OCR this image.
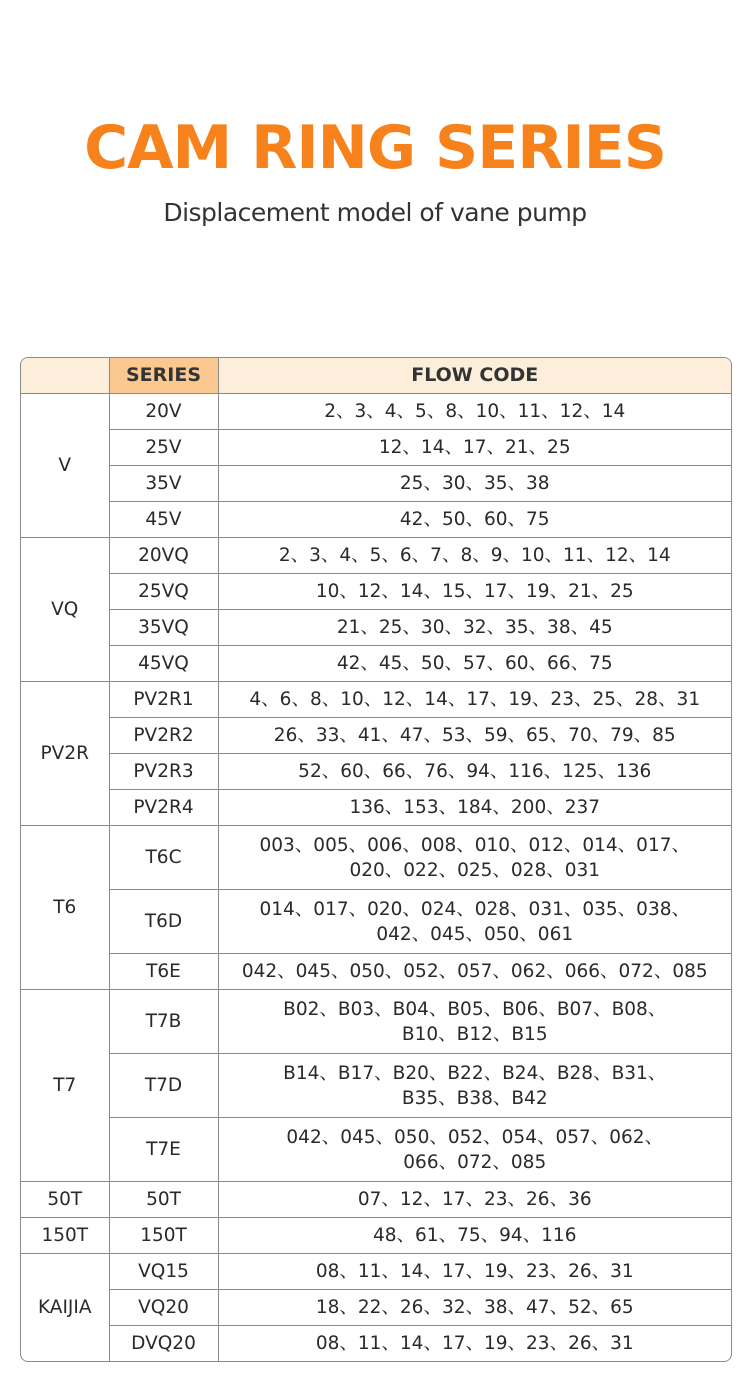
CAM RING SERIES
Displacement model of vane pump
	SERIES	FLOW CODE
V	20V	2、3、4、5、8、10、11、12、14

	25V	12、14、17、21、25

	35V	25、30、35、38

	45V	42、50、60、75

VQ	20VQ	2、3、4、5、6、7、8、9、10、11、12、14

	25VQ	10、12、14、15、17、19、21、25

	35VQ	21、25、30、32、35、38、45

	45VQ	42、45、50、57、60、66、75

PV2R	PV2R1	4、6、8、10、12、14、17、19、23、25、28、31

	PV2R2	26、33、41、47、53、59、65、70、79、85

	PV2R3	52、60、66、76、94、116、125、136

	PV2R4	136、153、184、200、237

T6	T6C	003、005、006、008、010、012、014、017、
020、022、025、028、031

	T6D	014、017、020、024、028、031、035、038、
042、045、050、061

	T6E	042、045、050、052、057、062、066、072、085

T7	T7B	B02、B03、B04、B05、B06、B07、B08、
B10、B12、B15

	T7D	B14、B17、B20、B22、B24、B28、B31、
B35、B38、B42

	T7E	042、045、050、052、054、057、062、
066、072、085

50T	50T	07、12、17、23、26、36

150T	150T	48、61、75、94、116

KAIJIA	VQ15	08、11、14、17、19、23、26、31

	VQ20	18、22、26、32、38、47、52、65

	DVQ20	08、11、14、17、19、23、26、31
